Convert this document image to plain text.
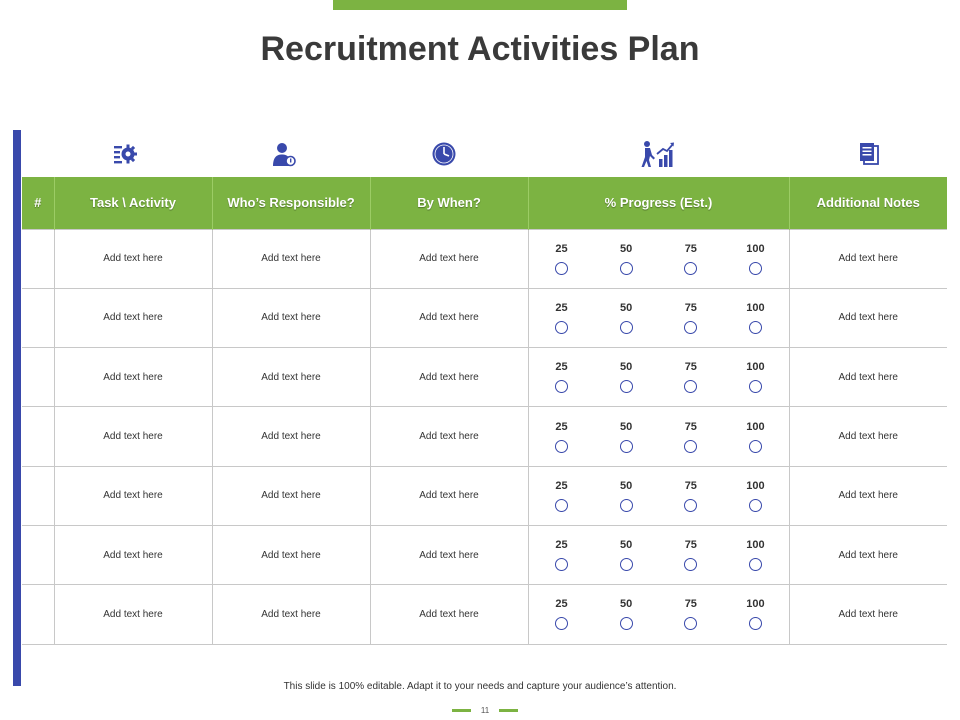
Recruitment Activities Plan
#	Task \ Activity	Who’s Responsible?	By When?	% Progress (Est.)	Additional Notes
	Add text here	Add text here	Add text here	25 50 75 100	Add text here
	Add text here	Add text here	Add text here	25 50 75 100	Add text here
	Add text here	Add text here	Add text here	25 50 75 100	Add text here
	Add text here	Add text here	Add text here	25 50 75 100	Add text here
	Add text here	Add text here	Add text here	25 50 75 100	Add text here
	Add text here	Add text here	Add text here	25 50 75 100	Add text here
	Add text here	Add text here	Add text here	25 50 75 100	Add text here

This slide is 100% editable. Adapt it to your needs and capture your audience’s attention.

11
